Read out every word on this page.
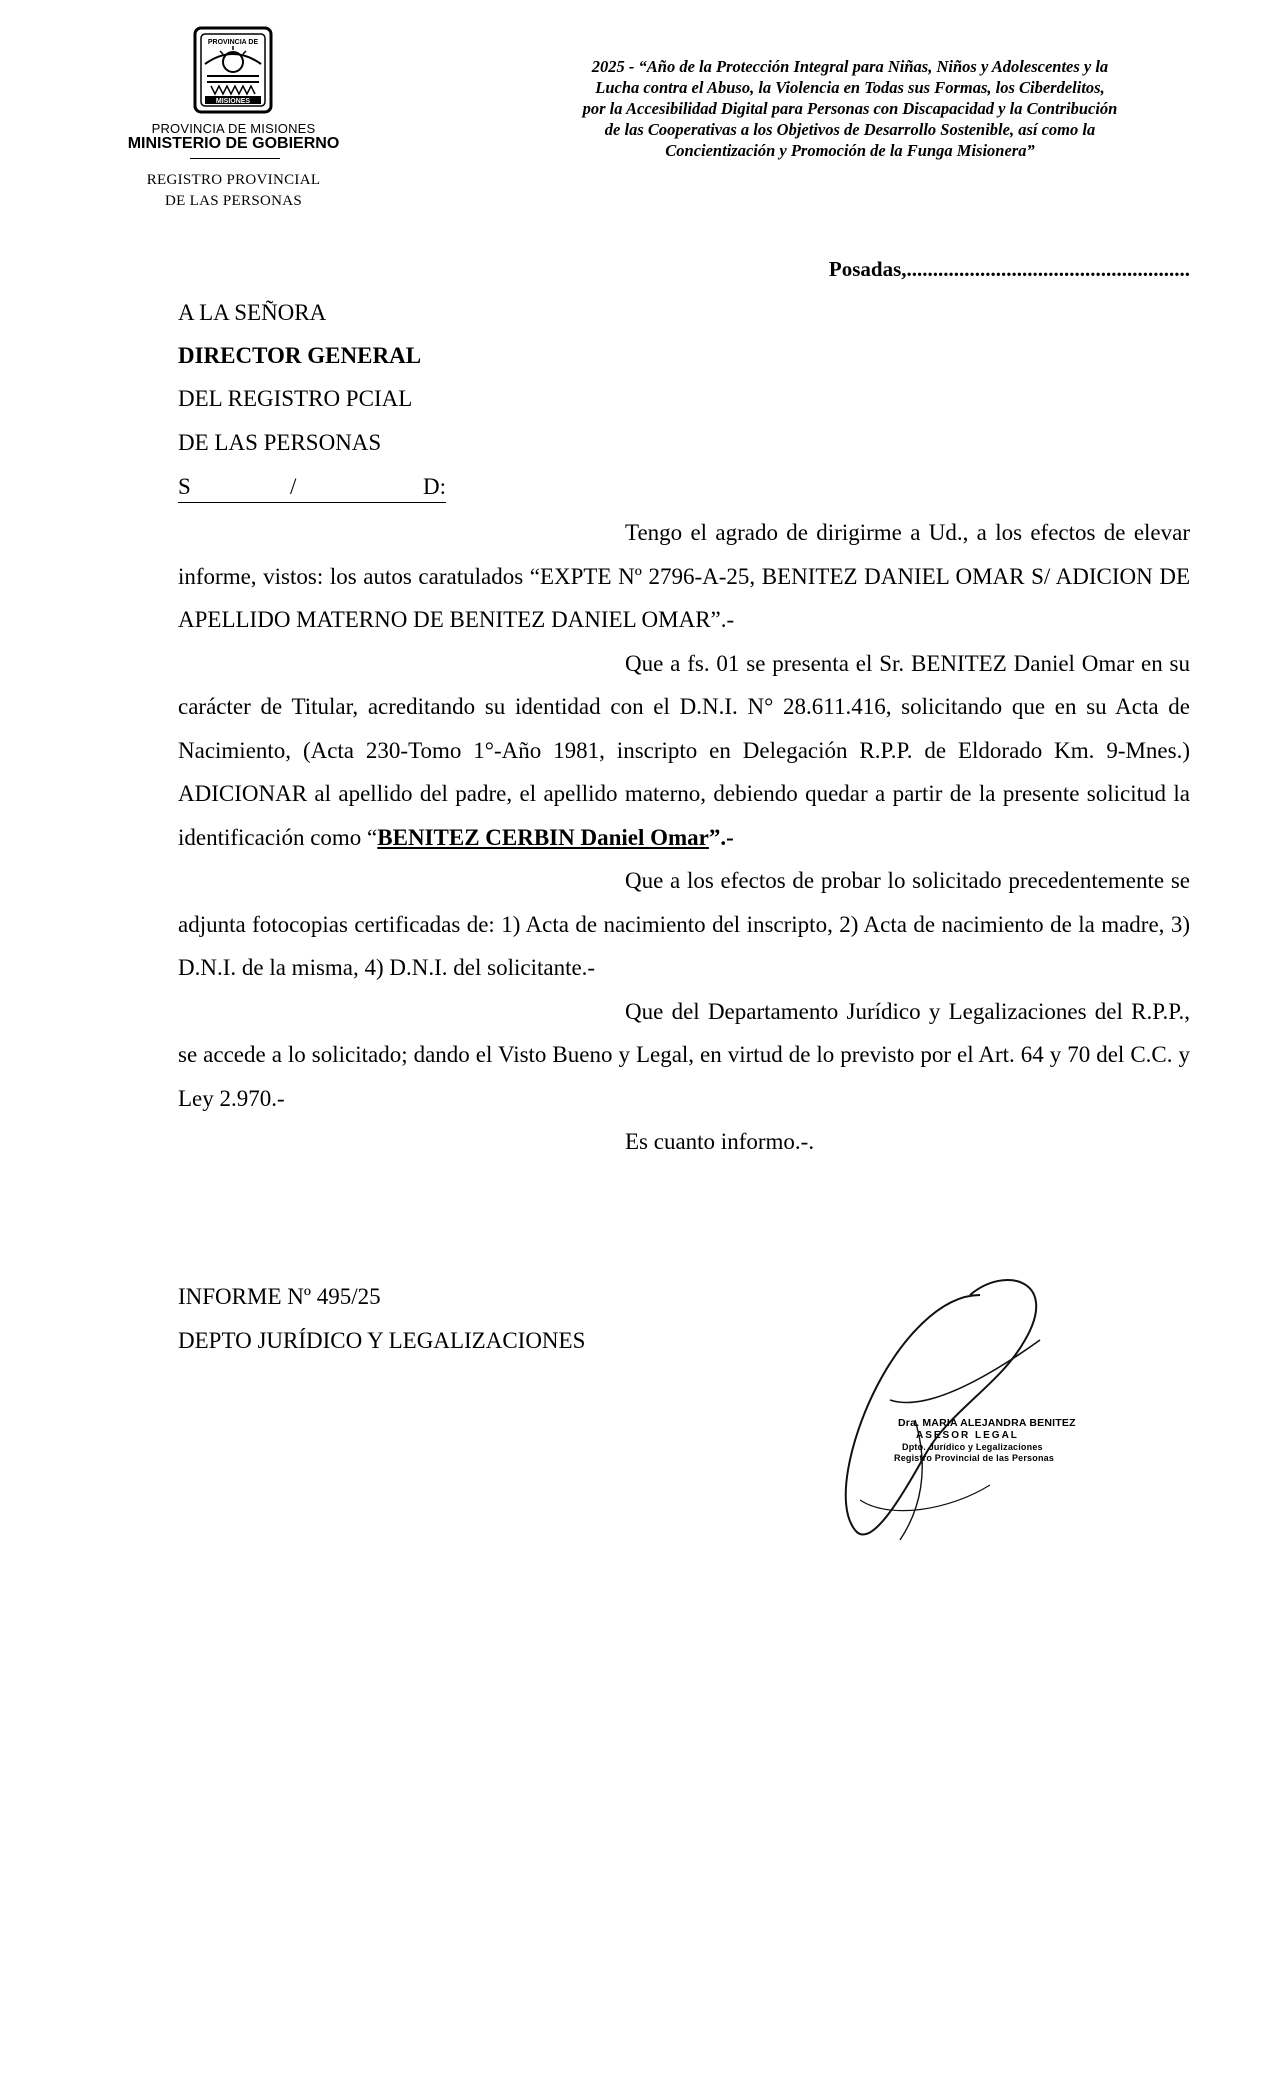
PROVINCIA DE
MISIONES
PROVINCIA DE MISIONES
MINISTERIO DE GOBIERNO
REGISTRO PROVINCIAL
DE LAS PERSONAS
2025 - “Año de la Protección Integral para Niñas, Niños y Adolescentes y la
Lucha contra el Abuso, la Violencia en Todas sus Formas, los Ciberdelitos,
por la Accesibilidad Digital para Personas con Discapacidad y la Contribución
de las Cooperativas a los Objetivos de Desarrollo Sostenible, así como la
Concientización y Promoción de la Funga Misionera”
Posadas,......................................................
A LA SEÑORA
DIRECTOR GENERAL
DEL REGISTRO PCIAL
DE LAS PERSONAS
S	/	D:

Tengo el agrado de dirigirme a Ud., a los efectos de elevar informe, vistos: los autos caratulados “EXPTE Nº 2796-A-25, BENITEZ DANIEL OMAR S/ ADICION DE APELLIDO MATERNO DE BENITEZ DANIEL OMAR”.-

Que a fs. 01 se presenta el Sr. BENITEZ Daniel Omar en su carácter de Titular, acreditando su identidad con el D.N.I. N° 28.611.416, solicitando que en su Acta de Nacimiento, (Acta 230-Tomo 1°-Año 1981, inscripto en Delegación R.P.P. de Eldorado Km. 9-Mnes.) ADICIONAR al apellido del padre, el apellido materno, debiendo quedar a partir de la presente solicitud la identificación como “BENITEZ CERBIN Daniel Omar”.-

Que a los efectos de probar lo solicitado precedentemente se adjunta fotocopias certificadas de: 1) Acta de nacimiento del inscripto, 2) Acta de nacimiento de la madre, 3) D.N.I. de la misma, 4) D.N.I. del solicitante.-

Que del Departamento Jurídico y Legalizaciones del R.P.P., se accede a lo solicitado; dando el Visto Bueno y Legal, en virtud de lo previsto por el Art. 64 y 70 del C.C. y Ley 2.970.-

Es cuanto informo.-.

INFORME Nº 495/25
DEPTO JURÍDICO Y LEGALIZACIONES
Dra. MARIA ALEJANDRA BENITEZ
ASESOR LEGAL
Dpto. Jurídico y Legalizaciones
Registro Provincial de las Personas
